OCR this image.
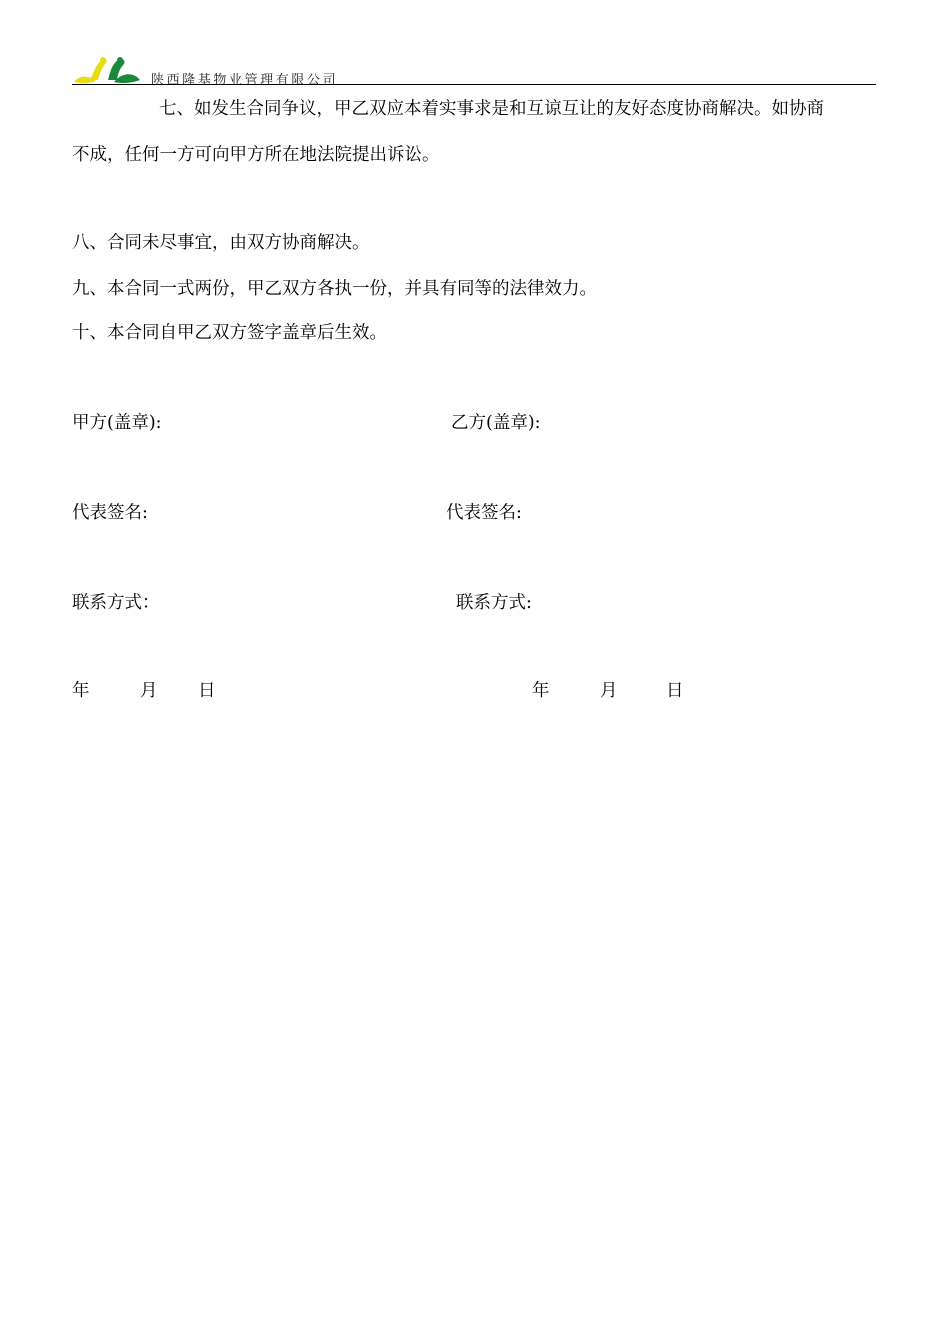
陕西隆基物业管理有限公司
七、如发生合同争议，甲乙双应本着实事求是和互谅互让的友好态度协商解决。如协商
不成，任何一方可向甲方所在地法院提出诉讼。
八、合同未尽事宜，由双方协商解决。
九、本合同一式两份，甲乙双方各执一份，并具有同等的法律效力。
十、本合同自甲乙双方签字盖章后生效。
甲方(盖章):	乙方(盖章):
代表签名:	代表签名:
联系方式：	联系方式:
年	月 日	年	月	日
